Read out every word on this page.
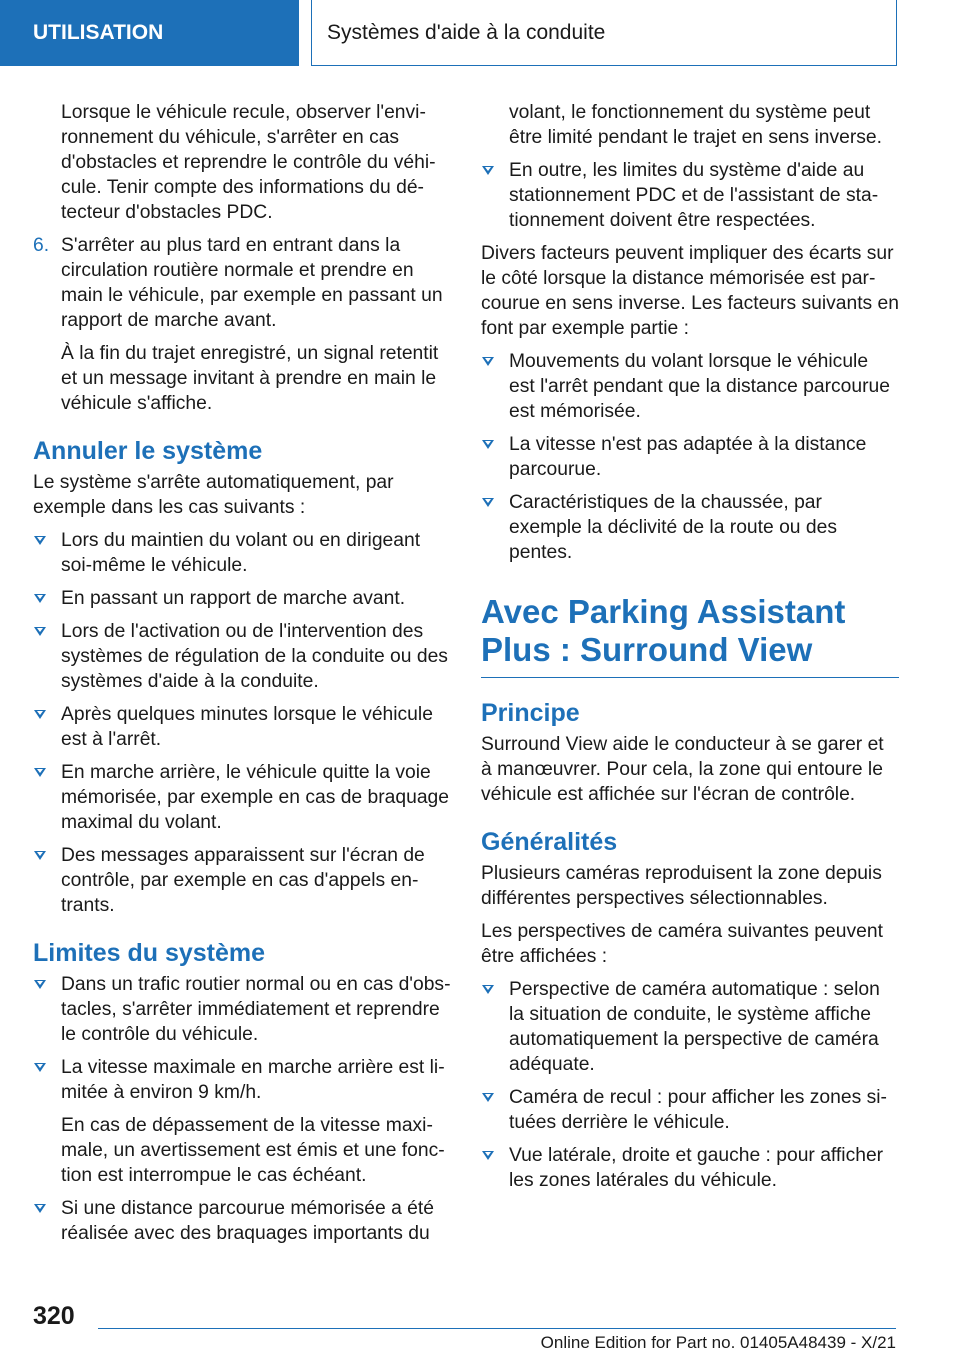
UTILISATION	Systèmes d'aide à la conduite

Lorsque le véhicule recule, observer l'environnement du véhicule, s'arrêter en cas d'obstacles et reprendre le contrôle du véhicule. Tenir compte des informations du détecteur d'obstacles PDC.

6. S'arrêter au plus tard en entrant dans la circulation routière normale et prendre en main le véhicule, par exemple en passant un rapport de marche avant.
À la fin du trajet enregistré, un signal retentit et un message invitant à prendre en main le véhicule s'affiche.
Annuler le système

Le système s'arrête automatiquement, par exemple dans les cas suivants :

Lors du maintien du volant ou en dirigeant soi-même le véhicule.
En passant un rapport de marche avant.
Lors de l'activation ou de l'intervention des systèmes de régulation de la conduite ou des systèmes d'aide à la conduite.
Après quelques minutes lorsque le véhicule est à l'arrêt.
En marche arrière, le véhicule quitte la voie mémorisée, par exemple en cas de braquage maximal du volant.
Des messages apparaissent sur l'écran de contrôle, par exemple en cas d'appels entrants.
Limites du système
Dans un trafic routier normal ou en cas d'obstacles, s'arrêter immédiatement et reprendre le contrôle du véhicule.
La vitesse maximale en marche arrière est limitée à environ 9 km/h.
En cas de dépassement de la vitesse maximale, un avertissement est émis et une fonction est interrompue le cas échéant.
Si une distance parcourue mémorisée a été réalisée avec des braquages importants du

volant, le fonctionnement du système peut être limité pendant le trajet en sens inverse.

En outre, les limites du système d'aide au stationnement PDC et de l'assistant de stationnement doivent être respectées.

Divers facteurs peuvent impliquer des écarts sur le côté lorsque la distance mémorisée est parcourue en sens inverse. Les facteurs suivants en font par exemple partie :

Mouvements du volant lorsque le véhicule est l'arrêt pendant que la distance parcourue est mémorisée.
La vitesse n'est pas adaptée à la distance parcourue.
Caractéristiques de la chaussée, par exemple la déclivité de la route ou des pentes.
Avec Parking Assistant Plus : Surround View
Principe

Surround View aide le conducteur à se garer et à manœuvrer. Pour cela, la zone qui entoure le véhicule est affichée sur l'écran de contrôle.

Généralités

Plusieurs caméras reproduisent la zone depuis différentes perspectives sélectionnables.

Les perspectives de caméra suivantes peuvent être affichées :

Perspective de caméra automatique : selon la situation de conduite, le système affiche automatiquement la perspective de caméra adéquate.
Caméra de recul : pour afficher les zones situées derrière le véhicule.
Vue latérale, droite et gauche : pour afficher les zones latérales du véhicule.
320
Online Edition for Part no. 01405A48439 - X/21
